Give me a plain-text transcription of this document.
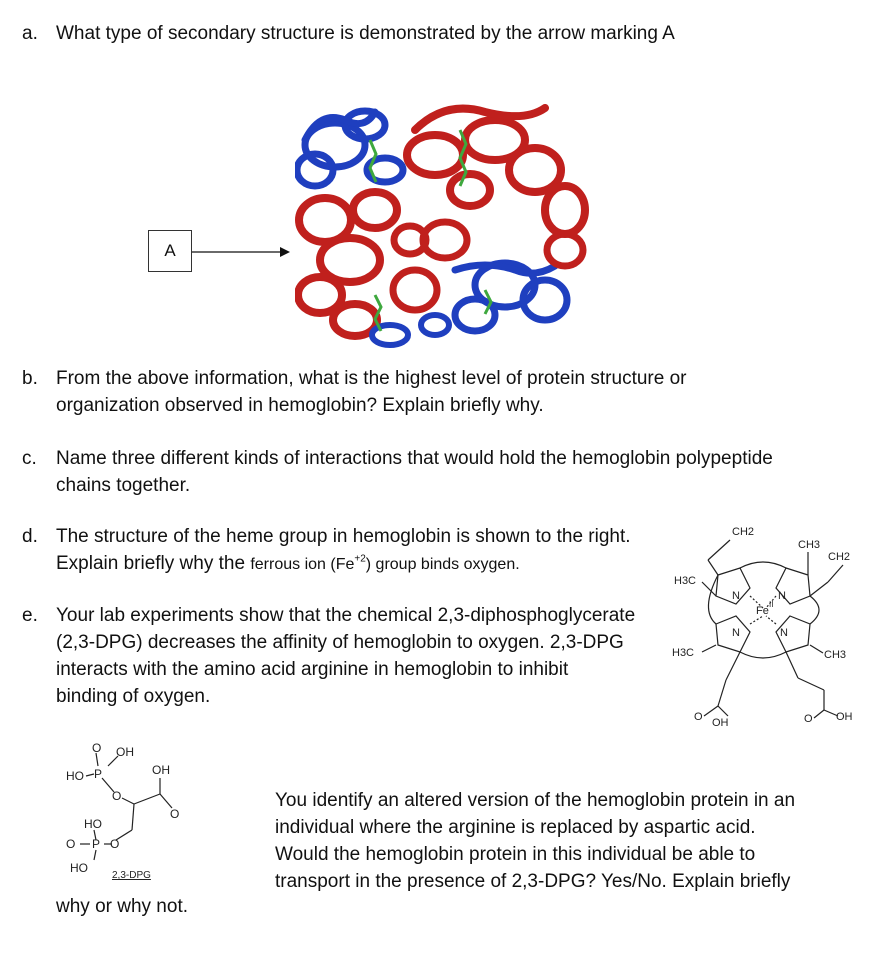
a. What type of secondary structure is demonstrated by the arrow marking A
A
b. From the above information, what is the highest level of protein structure or
organization observed in hemoglobin? Explain briefly why.
c. Name three different kinds of interactions that would hold the hemoglobin polypeptide
chains together.
d. The structure of the heme group in hemoglobin is shown to the right.
Explain briefly why the ferrous ion $(Fe^{+2})$ group binds oxygen.
e. Your lab experiments show that the chemical 2,3-diphosphoglycerate
(2,3-DPG) decreases the affinity of hemoglobin to oxygen. 2,3-DPG
interacts with the amino acid arginine in hemoglobin to inhibit
binding of oxygen.
CH2
CH3
CH2
H3C
N	N
Fe
II
N	N
H3C	CH3
O OH	O OH
O OH
HO P	OH
O
O
HO
O P O
HO
2,3-DPG
You identify an altered version of the hemoglobin protein in an
individual where the arginine is replaced by aspartic acid.
Would the hemoglobin protein in this individual be able to
transport in the presence of 2,3-DPG? Yes/No. Explain briefly
why or why not.
